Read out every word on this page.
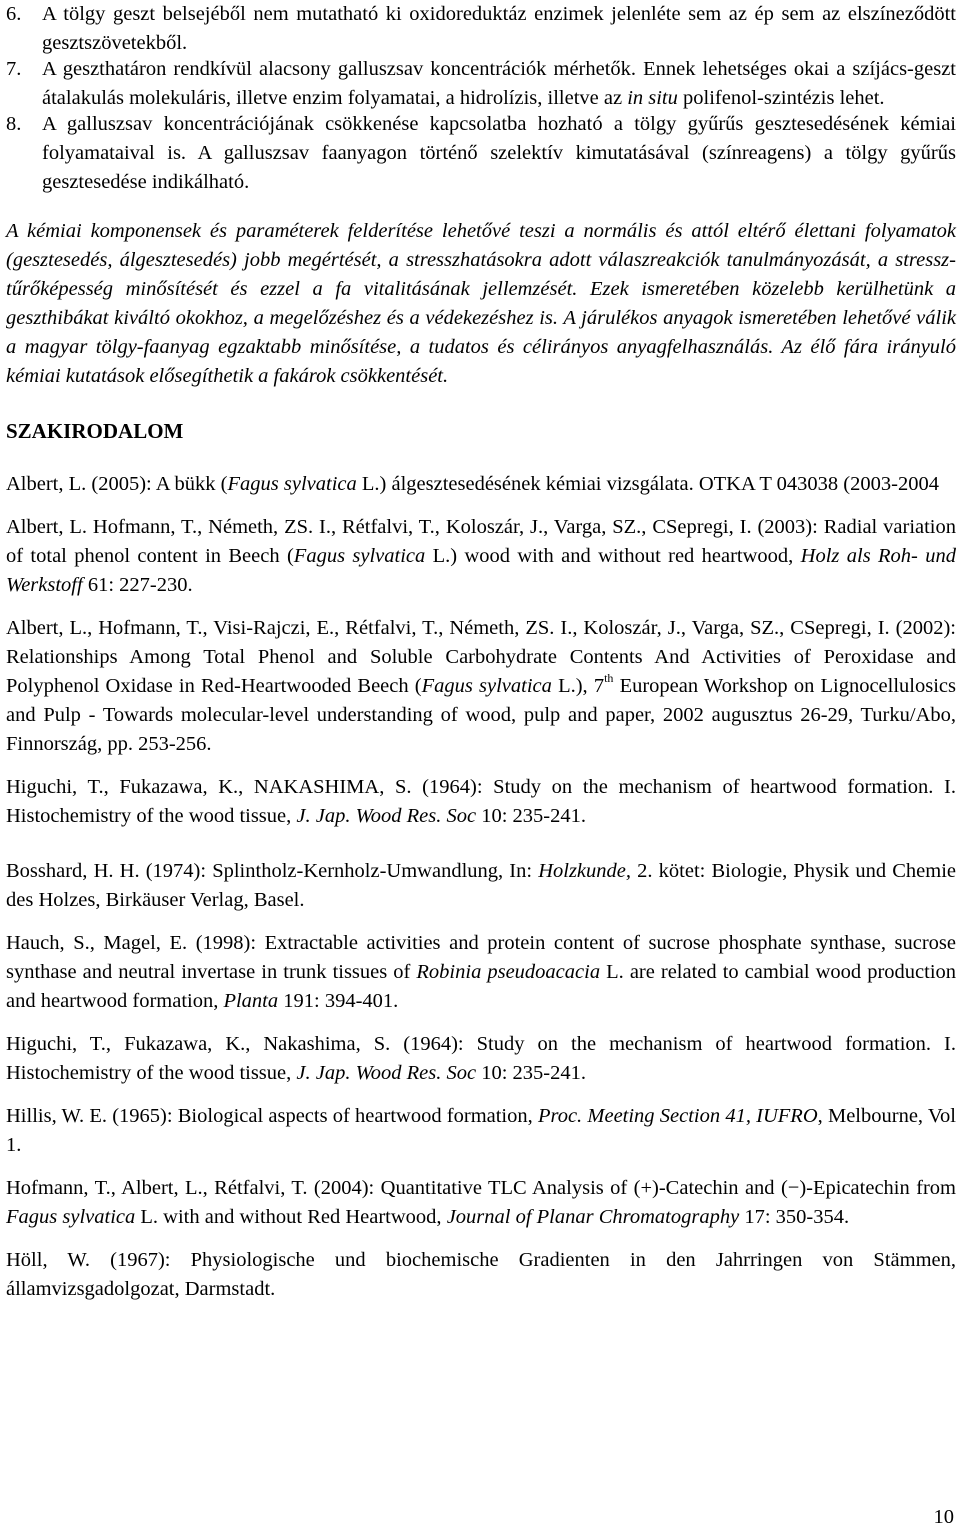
6. A tölgy geszt belsejéből nem mutatható ki oxidoreduktáz enzimek jelenléte sem az ép sem az elszíneződött gesztszövetekből.
7. A geszthatáron rendkívül alacsony galluszsav koncentrációk mérhetők. Ennek lehetséges okai a szíjács-geszt átalakulás molekuláris, illetve enzim folyamatai, a hidrolízis, illetve az in situ polifenol-szintézis lehet.
8. A galluszsav koncentrációjának csökkenése kapcsolatba hozható a tölgy gyűrűs gesztesedésének kémiai folyamataival is. A galluszsav faanyagon történő szelektív kimutatásával (színreagens) a tölgy gyűrűs gesztesedése indikálható.
A kémiai komponensek és paraméterek felderítése lehetővé teszi a normális és attól eltérő élettani folyamatok (gesztesedés, álgesztesedés) jobb megértését, a stresszhatásokra adott válaszreakciók tanulmányozását, a stressz-tűrőképesség minősítését és ezzel a fa vitalitásának jellemzését. Ezek ismeretében közelebb kerülhetünk a geszthibákat kiváltó okokhoz, a megelőzéshez és a védekezéshez is. A járulékos anyagok ismeretében lehetővé válik a magyar tölgy-faanyag egzaktabb minősítése, a tudatos és célirányos anyagfelhasználás. Az élő fára irányuló kémiai kutatások elősegíthetik a fakárok csökkentését.
SZAKIRODALOM
Albert, L. (2005): A bükk (Fagus sylvatica L.) álgesztesedésének kémiai vizsgálata. OTKA T 043038 (2003-2004
Albert, L. Hofmann, T., Németh, ZS. I., Rétfalvi, T., Koloszár, J., Varga, SZ., CSepregi, I. (2003): Radial variation of total phenol content in Beech (Fagus sylvatica L.) wood with and without red heartwood, Holz als Roh- und Werkstoff 61: 227-230.
Albert, L., Hofmann, T., Visi-Rajczi, E., Rétfalvi, T., Németh, ZS. I., Koloszár, J., Varga, SZ., CSepregi, I. (2002): Relationships Among Total Phenol and Soluble Carbohydrate Contents And Activities of Peroxidase and Polyphenol Oxidase in Red-Heartwooded Beech (Fagus sylvatica L.), 7th European Workshop on Lignocellulosics and Pulp - Towards molecular-level understanding of wood, pulp and paper, 2002 augusztus 26-29, Turku/Abo, Finnország, pp. 253-256.
Higuchi, T., Fukazawa, K., NAKASHIMA, S. (1964): Study on the mechanism of heartwood formation. I. Histochemistry of the wood tissue, J. Jap. Wood Res. Soc 10: 235-241.
Bosshard, H. H. (1974): Splintholz-Kernholz-Umwandlung, In: Holzkunde, 2. kötet: Biologie, Physik und Chemie des Holzes, Birkäuser Verlag, Basel.
Hauch, S., Magel, E. (1998): Extractable activities and protein content of sucrose phosphate synthase, sucrose synthase and neutral invertase in trunk tissues of Robinia pseudoacacia L. are related to cambial wood production and heartwood formation, Planta 191: 394-401.
Higuchi, T., Fukazawa, K., Nakashima, S. (1964): Study on the mechanism of heartwood formation. I. Histochemistry of the wood tissue, J. Jap. Wood Res. Soc 10: 235-241.
Hillis, W. E. (1965): Biological aspects of heartwood formation, Proc. Meeting Section 41, IUFRO, Melbourne, Vol 1.
Hofmann, T., Albert, L., Rétfalvi, T. (2004): Quantitative TLC Analysis of (+)-Catechin and (−)-Epicatechin from Fagus sylvatica L. with and without Red Heartwood, Journal of Planar Chromatography 17: 350-354.
Höll, W. (1967): Physiologische und biochemische Gradienten in den Jahrringen von Stämmen, államvizsgadolgozat, Darmstadt.
10
